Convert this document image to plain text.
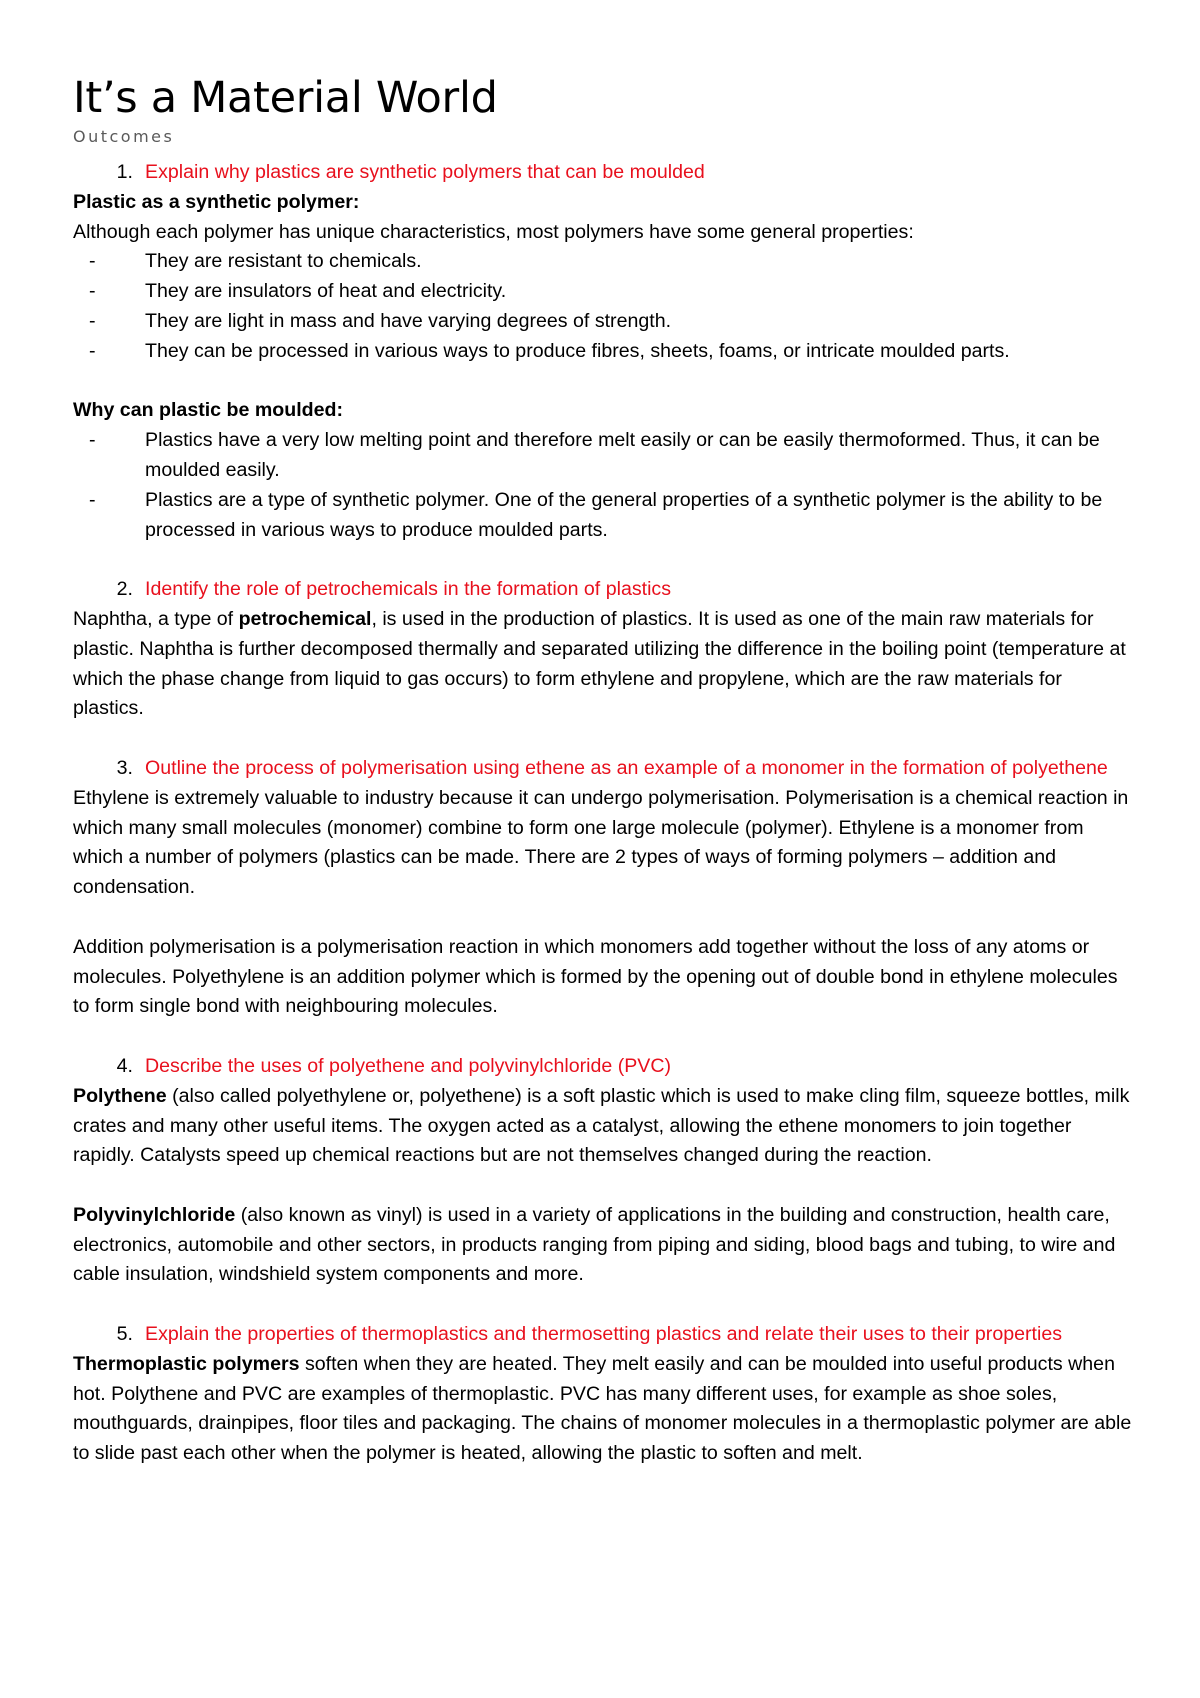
It’s a Material World
Outcomes
1. Explain why plastics are synthetic polymers that can be moulded

Plastic as a synthetic polymer:

Although each polymer has unique characteristics, most polymers have some general properties:

-	They are resistant to chemicals.
-	They are insulators of heat and electricity.
-	They are light in mass and have varying degrees of strength.
-	They can be processed in various ways to produce fibres, sheets, foams, or intricate moulded parts.

Why can plastic be moulded:

-	Plastics have a very low melting point and therefore melt easily or can be easily thermoformed. Thus, it can be moulded easily.
-	Plastics are a type of synthetic polymer. One of the general properties of a synthetic polymer is the ability to be processed in various ways to produce moulded parts.
2. Identify the role of petrochemicals in the formation of plastics

Naphtha, a type of petrochemical, is used in the production of plastics. It is used as one of the main raw materials for plastic. Naphtha is further decomposed thermally and separated utilizing the difference in the boiling point (temperature at which the phase change from liquid to gas occurs) to form ethylene and propylene, which are the raw materials for plastics.

3. Outline the process of polymerisation using ethene as an example of a monomer in the formation of polyethene

Ethylene is extremely valuable to industry because it can undergo polymerisation. Polymerisation is a chemical reaction in which many small molecules (monomer) combine to form one large molecule (polymer). Ethylene is a monomer from which a number of polymers (plastics can be made. There are 2 types of ways of forming polymers – addition and condensation.

Addition polymerisation is a polymerisation reaction in which monomers add together without the loss of any atoms or molecules. Polyethylene is an addition polymer which is formed by the opening out of double bond in ethylene molecules to form single bond with neighbouring molecules.

4. Describe the uses of polyethene and polyvinylchloride (PVC)

Polythene (also called polyethylene or, polyethene) is a soft plastic which is used to make cling film, squeeze bottles, milk crates and many other useful items. The oxygen acted as a catalyst, allowing the ethene monomers to join together rapidly. Catalysts speed up chemical reactions but are not themselves changed during the reaction.

Polyvinylchloride (also known as vinyl) is used in a variety of applications in the building and construction, health care, electronics, automobile and other sectors, in products ranging from piping and siding, blood bags and tubing, to wire and cable insulation, windshield system components and more.

5. Explain the properties of thermoplastics and thermosetting plastics and relate their uses to their properties

Thermoplastic polymers soften when they are heated. They melt easily and can be moulded into useful products when hot. Polythene and PVC are examples of thermoplastic. PVC has many different uses, for example as shoe soles, mouthguards, drainpipes, floor tiles and packaging. The chains of monomer molecules in a thermoplastic polymer are able to slide past each other when the polymer is heated, allowing the plastic to soften and melt.
